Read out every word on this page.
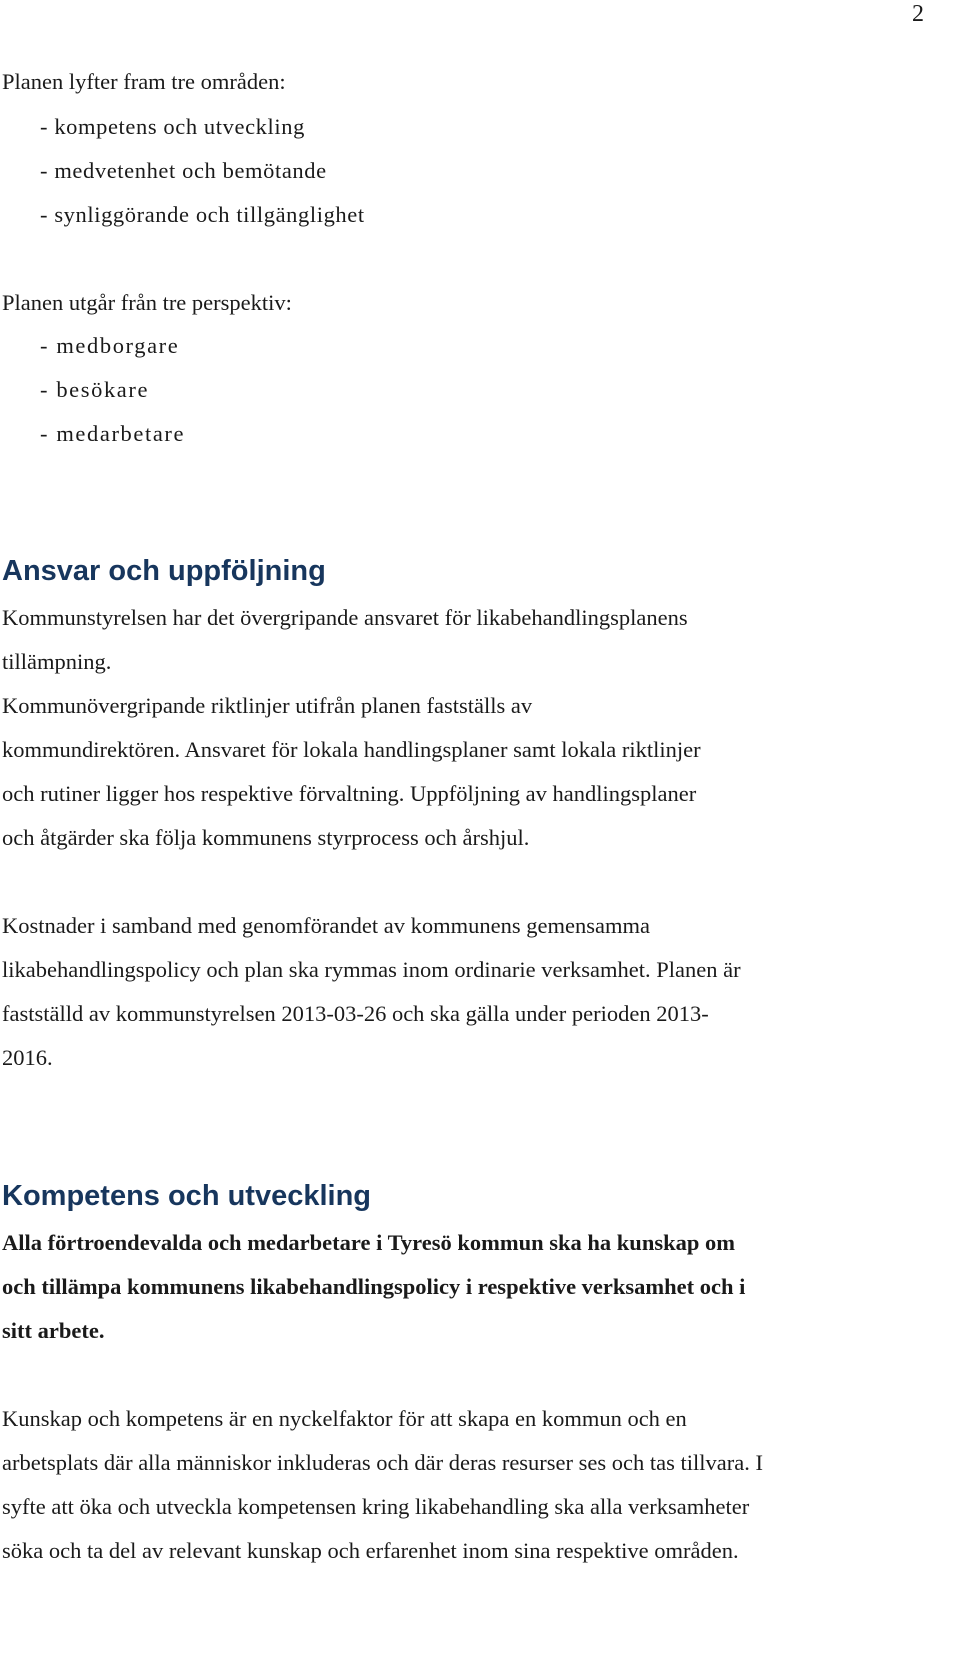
2

Planen lyfter fram tre områden:

- kompetens och utveckling
- medvetenhet och bemötande
- synliggörande och tillgänglighet

Planen utgår från tre perspektiv:

- medborgare
- besökare
- medarbetare
Ansvar och uppföljning
Kommunstyrelsen har det övergripande ansvaret för likabehandlingsplanens
tillämpning.
Kommunövergripande riktlinjer utifrån planen fastställs av
kommundirektören. Ansvaret för lokala handlingsplaner samt lokala riktlinjer
och rutiner ligger hos respektive förvaltning. Uppföljning av handlingsplaner
och åtgärder ska följa kommunens styrprocess och årshjul.
Kostnader i samband med genomförandet av kommunens gemensamma
likabehandlingspolicy och plan ska rymmas inom ordinarie verksamhet. Planen är
fastställd av kommunstyrelsen 2013-03-26 och ska gälla under perioden 2013-
2016.
Kompetens och utveckling
Alla förtroendevalda och medarbetare i Tyresö kommun ska ha kunskap om
och tillämpa kommunens likabehandlingspolicy i respektive verksamhet och i
sitt arbete.
Kunskap och kompetens är en nyckelfaktor för att skapa en kommun och en
arbetsplats där alla människor inkluderas och där deras resurser ses och tas tillvara. I
syfte att öka och utveckla kompetensen kring likabehandling ska alla verksamheter
söka och ta del av relevant kunskap och erfarenhet inom sina respektive områden.
